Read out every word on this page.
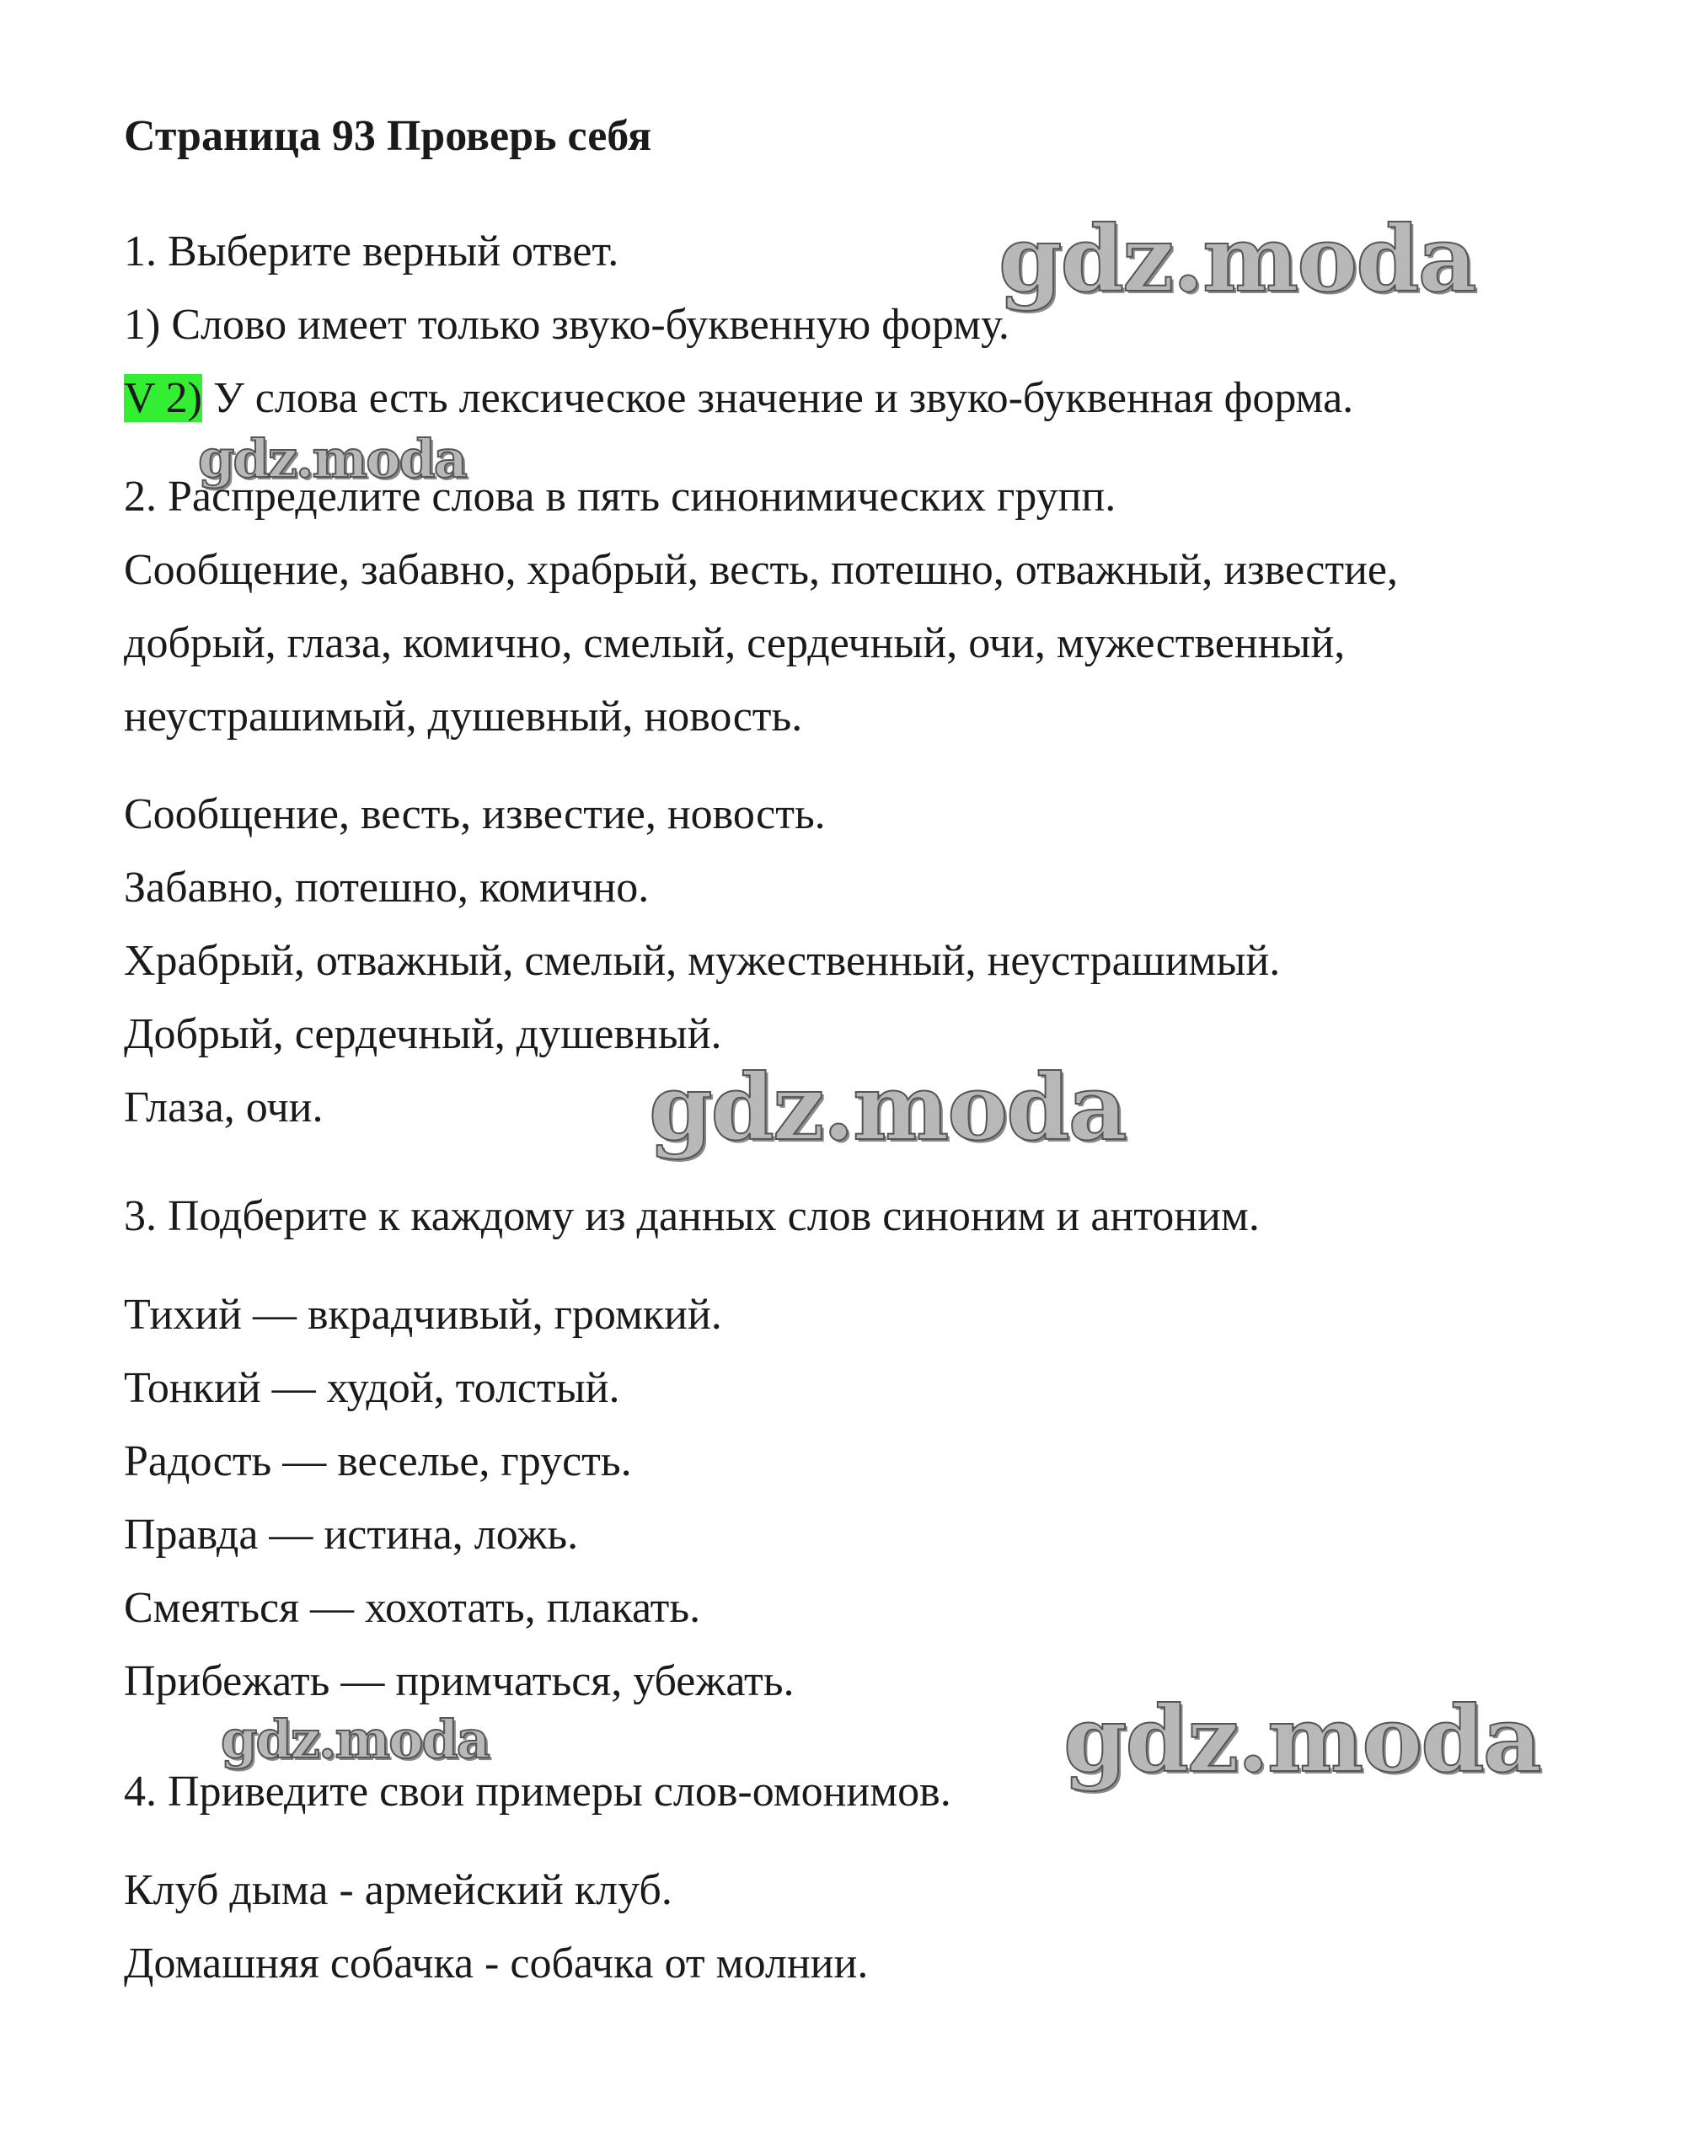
gdz.moda
gdz.moda
gdz.moda
gdz.moda	gdz.moda
Страница 93 Проверь себя
1. Выберите верный ответ.
1) Слово имеет только звуко-буквенную форму.
V 2) У слова есть лексическое значение и звуко-буквенная форма.
2. Распределите слова в пять синонимических групп.
Сообщение, забавно, храбрый, весть, потешно, отважный, известие,
добрый, глаза, комично, смелый, сердечный, очи, мужественный,
неустрашимый, душевный, новость.
Сообщение, весть, известие, новость.
Забавно, потешно, комично.
Храбрый, отважный, смелый, мужественный, неустрашимый.
Добрый, сердечный, душевный.
Глаза, очи.
3. Подберите к каждому из данных слов синоним и антоним.
Тихий — вкрадчивый, громкий.
Тонкий — худой, толстый.
Радость — веселье, грусть.
Правда — истина, ложь.
Смеяться — хохотать, плакать.
Прибежать — примчаться, убежать.
4. Приведите свои примеры слов-омонимов.
Клуб дыма - армейский клуб.
Домашняя собачка - собачка от молнии.
